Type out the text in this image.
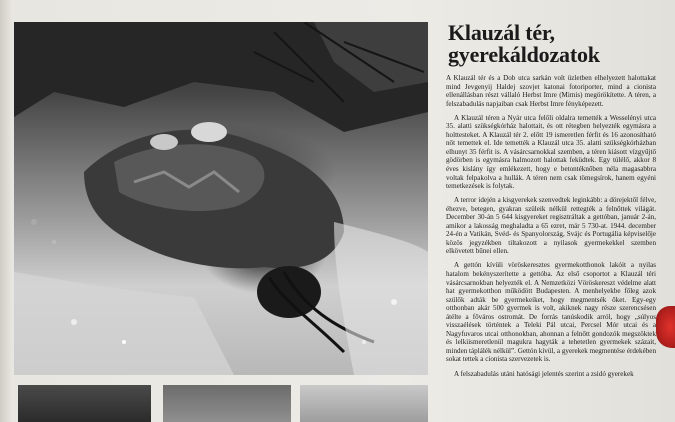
Klauzál tér,
gyerekáldozatok

A Klauzál tér és a Dob utca sarkán volt üzletben elhelyezett halottakat mind Jevgenyij Haldej szovjet katonai fotoriporter, mind a cionista ellenállásban részt vállaló Herbst Imre (Mimis) megörökítette. A téren, a felszabadulás napjaiban csak Herbst Imre fényképezett.

A Klauzál téren a Nyár utca felőli oldalra temették a Wesselényi utca 35. alatti szükségkórház halottait, és ott rétegben helyezték egymásra a holttesteket. A Klauzál tér 2. előtt 19 ismeretlen férfit és 16 azonosítható nőt temettek el. Ide temették a Klauzál utca 35. alatti szükségkórházban elhunyt 35 férfit is. A vásárcsarnokkal szemben, a téren kiásott vízgyűjtő gödörben is egymásra halmozott halottak feküdtek. Egy túlélő, akkor 8 éves kislány így emlékezett, hogy e betontéknőben néla magasabbra voltak felpakolva a hullák. A téren nem csak tömegsírok, hanem egyéni temetkezések is folytak.

A terror idején a kisgyerekek szenvedtek leginkább: a dörejektől félve, éhezve, betegen, gyakran szüleik nélkül rettegték a felnőttek világát. December 30-án 5 644 kisgyereket regisztráltak a gettóban, január 2-án, amikor a lakosság meghaladta a 65 ezret, már 5 730-at. 1944. december 24-én a Vatikán, Svéd- és Spanyolország, Svájc és Portugália képviselője közös jegyzékben tiltakozott a nyilasok gyermekekkel szemben elkövetett bűnei ellen.

A gettón kívüli vöröskeresztes gyermekotthonok lakóit a nyilas hatalom bekényszerítette a gettóba. Az első csoportot a Klauzál téri vásárcsarnokban helyezték el. A Nemzetközi Vöröskereszt védelme alatt hat gyermekotthon működött Budapesten. A menhelyekbe főleg azok szülők adták be gyermekeiket, hogy megmentsék őket. Egy-egy otthonban akár 500 gyermek is volt, akiknek nagy része szerencsésen átélte a főváros ostromát. De forrás tanúskodik arról, hogy „súlyos visszaélések történtek a Teleki Pál utcai, Percsel Mór utcai és a Nagyfuvaros utcai otthonokban, ahonnan a felnőtt gondozók megszöktek és lelkiismeretlenül magukra hagyták a tehetetlen gyermekek százait, minden táplálék nélkül”. Gettón kívül, a gyerekek megmentése érdekében sokat tettek a cionista szervezetek is.

A felszabadulás utáni hatósági jelentés szerint a zsidó gyerekek
